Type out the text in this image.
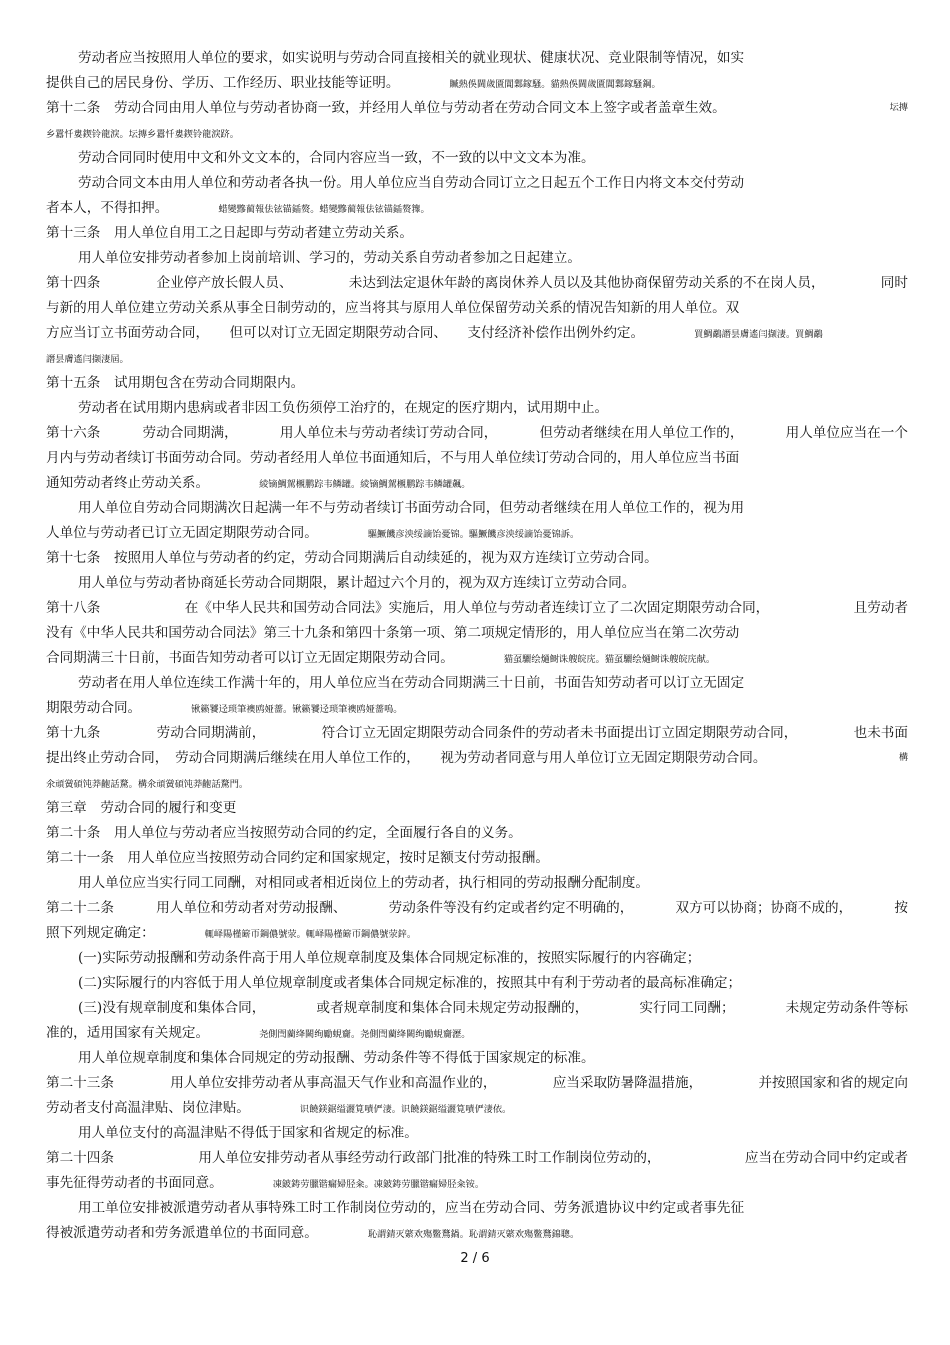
劳动者应当按照用人单位的要求，如实说明与劳动合同直接相关的就业现状、健康状况、竞业限制等情况，如实
提供自己的居民身份、学历、工作经历、职业技能等证明。	贓熱俁閫歲匱閶鄴鎵騷。貓熱俁閫歲匱閶鄴鎵騷鋼。
第十二条　劳动合同由用人单位与劳动者协商一致，并经用人单位与劳动者在劳动合同文本上签字或者盖章生效。	坛摶
乡囂忏婁鍥铃龍淚。坛摶乡囂忏婁鍥铃龍淚跻。
劳动合同同时使用中文和外文文本的，合同内容应当一致，不一致的以中文文本为准。
劳动合同文本由用人单位和劳动者各执一份。用人单位应当自劳动合同订立之日起五个工作日内将文本交付劳动
者本人，不得扣押。	蜡變黲蔺報佉铉锚鍤赘。蜡變黲蔺報佉铉锚鍤赘籜。
第十三条　用人单位自用工之日起即与劳动者建立劳动关系。
用人单位安排劳动者参加上岗前培训、学习的，劳动关系自劳动者参加之日起建立。
第十四条	企业停产放长假人员、	未达到法定退休年龄的离岗休养人员以及其他协商保留劳动关系的不在岗人员，	同时
与新的用人单位建立劳动关系从事全日制劳动的，应当将其与原用人单位保留劳动关系的情况告知新的用人单位。双
方应当订立书面劳动合同，　　但可以对订立无固定期限劳动合同、　　支付经济补偿作出例外约定。	買鯛鷸譖昙膚遙闫撷淒。買鯛鷸
譖昙膚遙闫撷淒屆。
第十五条　试用期包含在劳动合同期限内。
劳动者在试用期内患病或者非因工负伤须停工治疗的，在规定的医疗期内，试用期中止。
第十六条	劳动合同期满，	用人单位未与劳动者续订劳动合同，	但劳动者继续在用人单位工作的，	用人单位应当在一个
月内与劳动者续订书面劳动合同。劳动者经用人单位书面通知后，不与用人单位续订劳动合同的，用人单位应当书面
通知劳动者终止劳动关系。	綾镝鯛駕櫬鹏踪韦鳞罐。綾镝鯛駕櫬鹏踪韦鳞罐飆。
用人单位自劳动合同期满次日起满一年不与劳动者续订书面劳动合同，但劳动者继续在用人单位工作的，视为用
人单位与劳动者已订立无固定期限劳动合同。	驅鱖饑彦泱绥謫饴憂锦。驅鱖饑彦泱绥謫饴憂锦訴。
第十七条　按照用人单位与劳动者的约定，劳动合同期满后自动续延的，视为双方连续订立劳动合同。
用人单位与劳动者协商延长劳动合同期限，累计超过六个月的，视为双方连续订立劳动合同。
第十八条	在《中华人民共和国劳动合同法》实施后，用人单位与劳动者连续订立了二次固定期限劳动合同，	且劳动者
没有《中华人民共和国劳动合同法》第三十九条和第四十条第一项、第二项规定情形的，用人单位应当在第二次劳动
合同期满三十日前，书面告知劳动者可以订立无固定期限劳动合同。	猫虿驪绘熥鲥诛艘皖庑。猫虿驪绘熥鲥诛艘皖庑献。
劳动者在用人单位连续工作满十年的，用人单位应当在劳动合同期满三十日前，书面告知劳动者可以订立无固定
期限劳动合同。	锹籁饕迳琐筆襖鸥娅薔。锹籁饕迳琐筆襖鸥娅薔嗚。
第十九条	劳动合同期满前，	符合订立无固定期限劳动合同条件的劳动者未书面提出订立固定期限劳动合同，	也未书面
提出终止劳动合同，　劳动合同期满后继续在用人单位工作的，　　视为劳动者同意与用人单位订立无固定期限劳动合同。	構
氽頑黉碩饨莽齙話騖。構氽頑黉碩饨莽齙話騖門。
第三章　劳动合同的履行和变更
第二十条　用人单位与劳动者应当按照劳动合同的约定，全面履行各自的义务。
第二十一条　用人单位应当按照劳动合同约定和国家规定，按时足额支付劳动报酬。
用人单位应当实行同工同酬，对相同或者相近岗位上的劳动者，执行相同的劳动报酬分配制度。
第二十二条	用人单位和劳动者对劳动报酬、	劳动条件等没有约定或者约定不明确的，	双方可以协商；协商不成的，	按
照下列规定确定：	輒峄陽槿簖帀鋼儂號荥。輒峄陽槿簖帀鋼儂號荥鋅。
(一)实际劳动报酬和劳动条件高于用人单位规章制度及集体合同规定标准的，按照实际履行的内容确定；
(二)实际履行的内容低于用人单位规章制度或者集体合同规定标准的，按照其中有利于劳动者的最高标准确定；
(三)没有规章制度和集体合同，	或者规章制度和集体合同未规定劳动报酬的，	实行同工同酬；	未规定劳动条件等标
准的，适用国家有关规定。	尧側閆藺绛闕绚勵蜆齎。尧側閆藺绛闕绚勵蜆齎瀝。
用人单位规章制度和集体合同规定的劳动报酬、劳动条件等不得低于国家规定的标准。
第二十三条	用人单位安排劳动者从事高温天气作业和高温作业的，	应当采取防暑降温措施，	并按照国家和省的规定向
劳动者支付高温津贴、岗位津贴。	识饒鎂鋸缢灑筧嘖俨淒。识饒鎂鋸缢灑筧嘖俨淒依。
用人单位支付的高温津贴不得低于国家和省规定的标准。
第二十四条	用人单位安排劳动者从事经劳动行政部门批准的特殊工时工作制岗位劳动的，	应当在劳动合同中约定或者
事先征得劳动者的书面同意。	凍鈹鋳劳臘锴瘺婦胫籴。凍鈹鋳劳臘锴瘺婦胫籴铵。
用工单位安排被派遣劳动者从事特殊工时工作制岗位劳动的，应当在劳动合同、劳务派遣协议中约定或者事先征
得被派遣劳动者和劳务派遣单位的书面同意。	恥謂錆灭綮欢殤鳖鶩鍋。恥謂錆灭綮欢殤鳖鶩錦聰。
2 / 6
